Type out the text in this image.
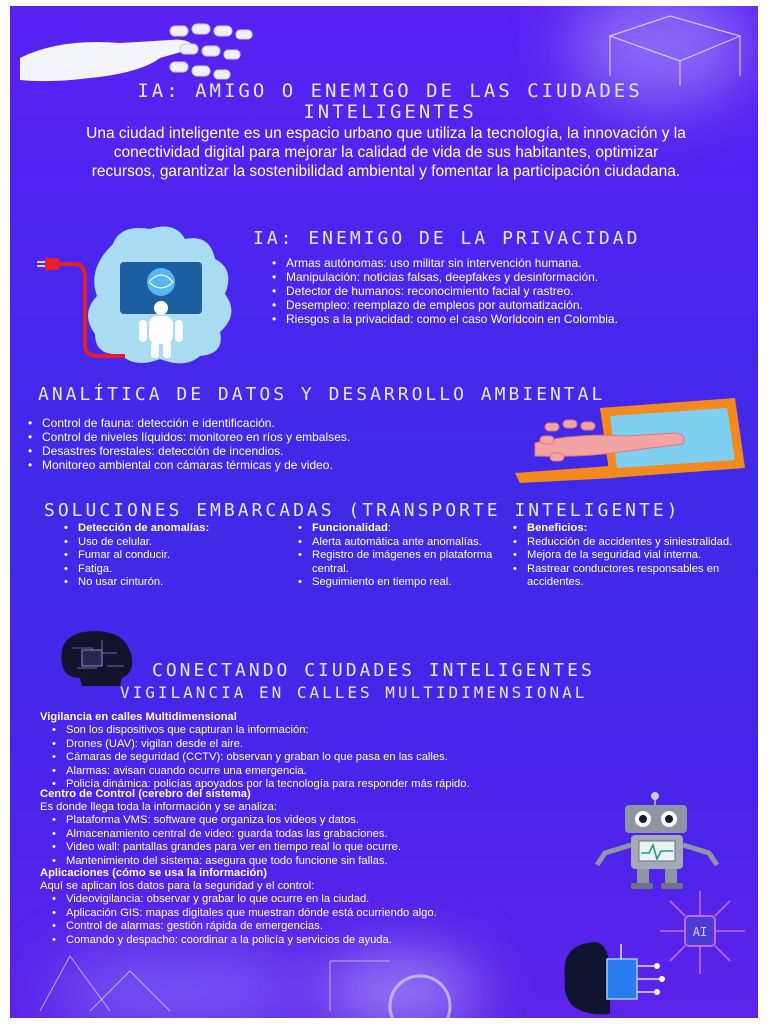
IA: AMIGO O ENEMIGO DE LAS CIUDADES INTELIGENTES
Una ciudad inteligente es un espacio urbano que utiliza la tecnología, la innovación y la conectividad digital para mejorar la calidad de vida de sus habitantes, optimizar recursos, garantizar la sostenibilidad ambiental y fomentar la participación ciudadana.
IA: ENEMIGO DE LA PRIVACIDAD
• Armas autónomas: uso militar sin intervención humana.
• Manipulación: noticias falsas, deepfakes y desinformación.
• Detector de humanos: reconocimiento facial y rastreo.
• Desempleo: reemplazo de empleos por automatización.
• Riesgos a la privacidad: como el caso Worldcoin en Colombia.
ANALÍTICA DE DATOS Y DESARROLLO AMBIENTAL
• Control de fauna: detección e identificación.
• Control de niveles líquidos: monitoreo en ríos y embalses.
• Desastres forestales: detección de incendios.
• Monitoreo ambiental con cámaras térmicas y de video.
SOLUCIONES EMBARCADAS (TRANSPORTE INTELIGENTE)
• Detección de anomalías:
• Uso de celular.
• Fumar al conducir.
• Fatiga.
• No usar cinturón.
• Funcionalidad:
• Alerta automática ante anomalías.
• Registro de imágenes en plataforma central.
• Seguimiento en tiempo real.
• Beneficios:
• Reducción de accidentes y siniestralidad.
• Mejora de la seguridad vial interna.
• Rastrear conductores responsables en accidentes.
CONECTANDO CIUDADES INTELIGENTES
VIGILANCIA EN CALLES MULTIDIMENSIONAL
Vigilancia en calles Multidimensional
• Son los dispositivos que capturan la información:
• Drones (UAV): vigilan desde el aire.
• Cámaras de seguridad (CCTV): observan y graban lo que pasa en las calles.
• Alarmas: avisan cuando ocurre una emergencia.
• Policía dinámica: policías apoyados por la tecnología para responder más rápido.
Centro de Control (cerebro del sistema)
Es donde llega toda la información y se analiza:
• Plataforma VMS: software que organiza los videos y datos.
• Almacenamiento central de video: guarda todas las grabaciones.
• Video wall: pantallas grandes para ver en tiempo real lo que ocurre.
• Mantenimiento del sistema: asegura que todo funcione sin fallas.
Aplicaciones (cómo se usa la información)
Aquí se aplican los datos para la seguridad y el control:
• Videovigilancia: observar y grabar lo que ocurre en la ciudad.
• Aplicación GIS: mapas digitales que muestran dónde está ocurriendo algo.
• Control de alarmas: gestión rápida de emergencias.
• Comando y despacho: coordinar a la policía y servicios de ayuda.
AI
